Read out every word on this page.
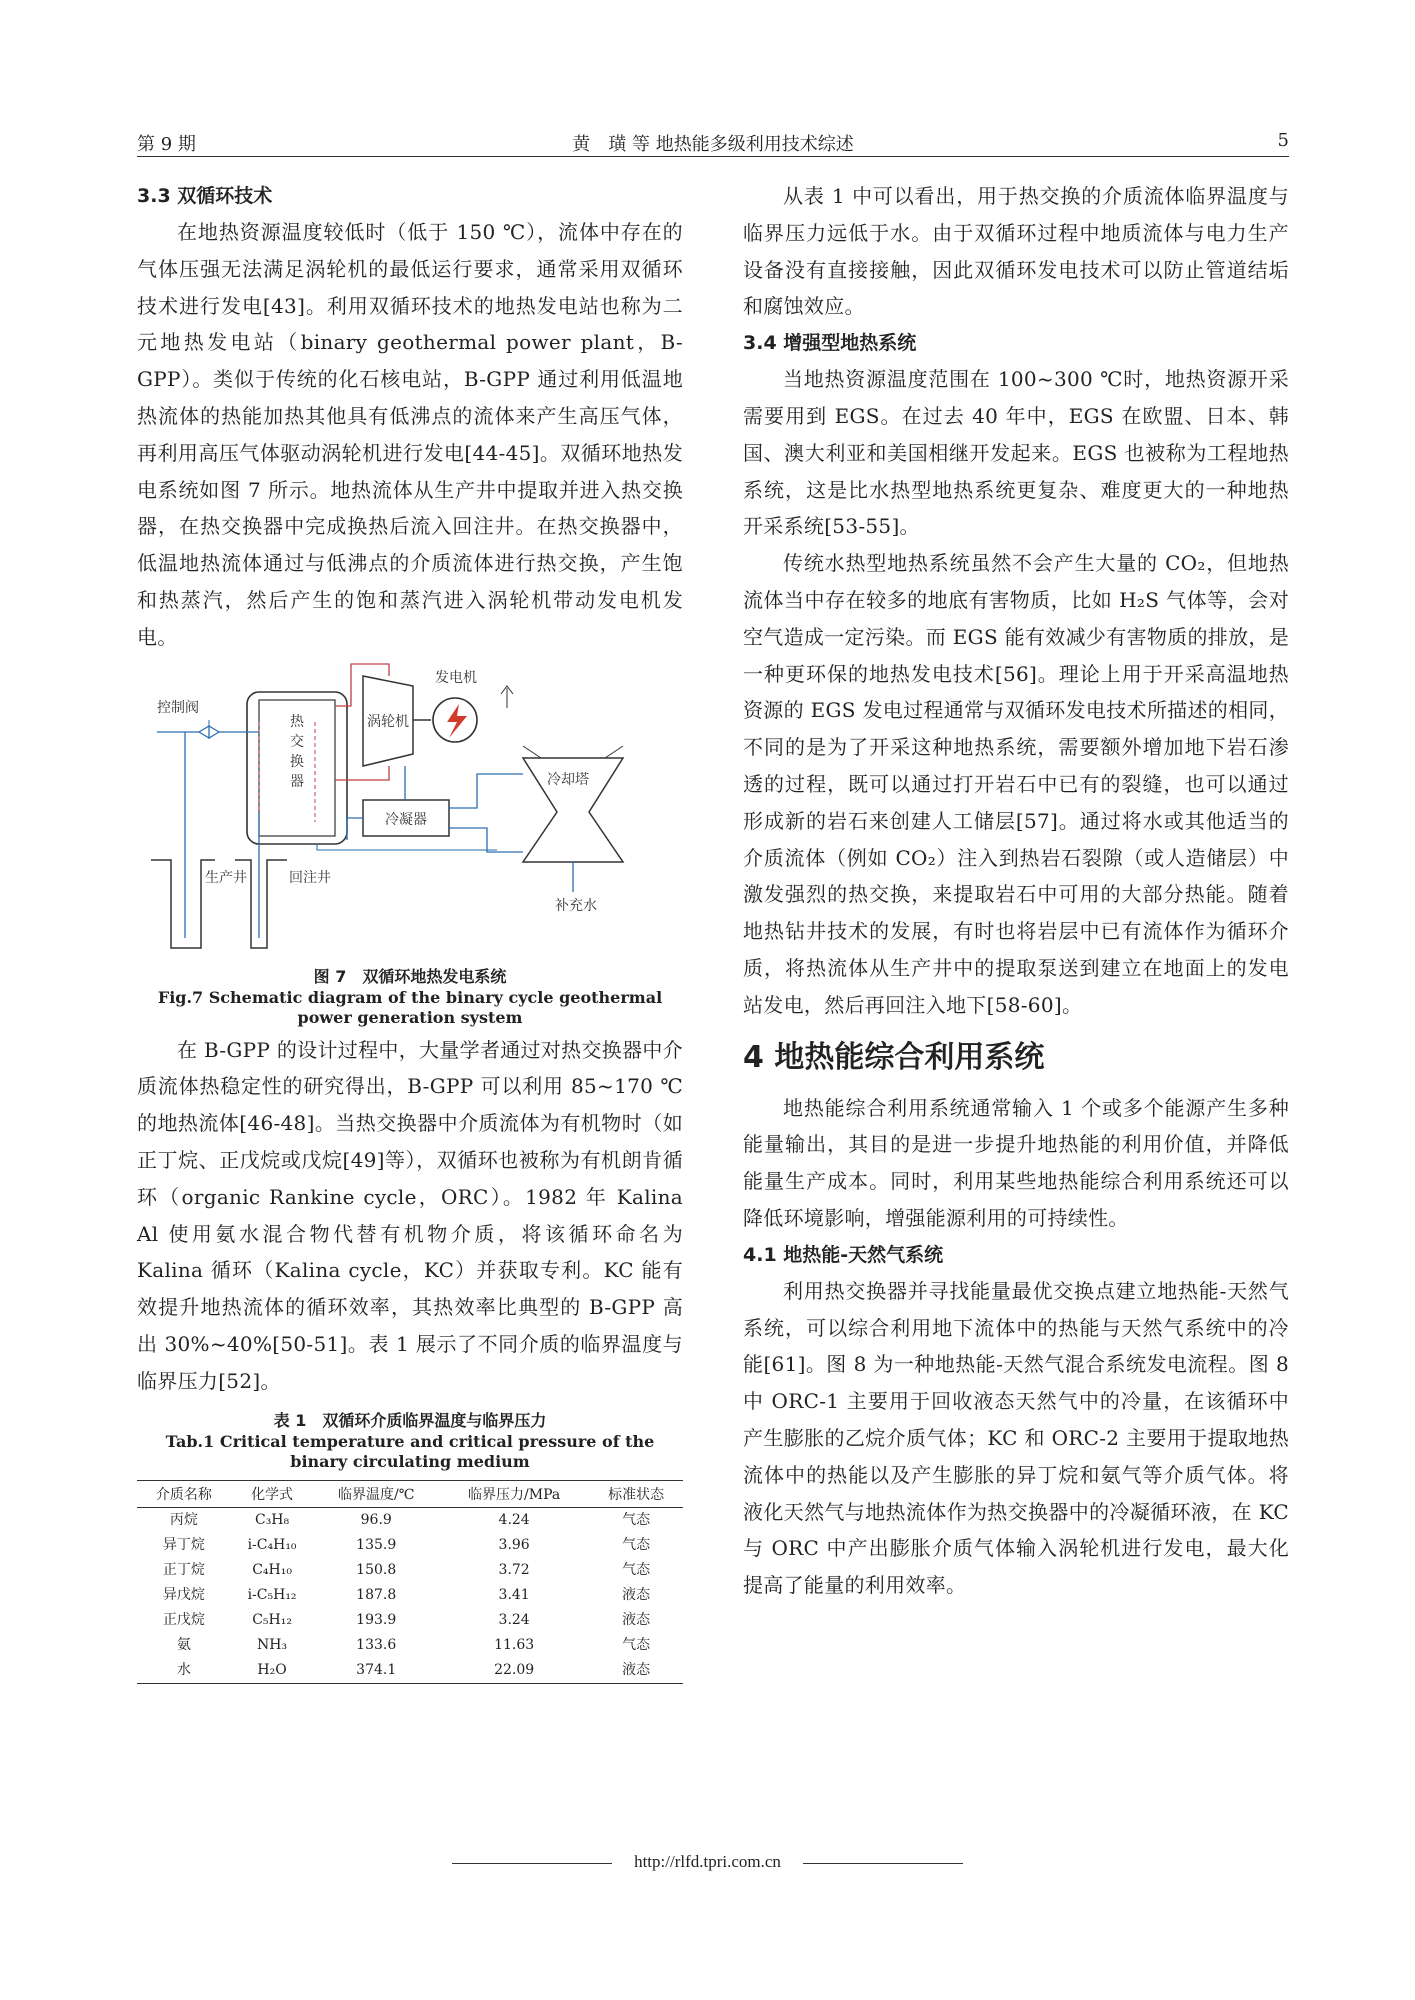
第 9 期	黄　璜 等 地热能多级利用技术综述	5

3.3 双循环技术

在地热资源温度较低时（低于 150 ℃），流体中存在的气体压强无法满足涡轮机的最低运行要求，通常采用双循环技术进行发电[43]。利用双循环技术的地热发电站也称为二元地热发电站（binary geothermal power plant，B-GPP）。类似于传统的化石核电站，B-GPP 通过利用低温地热流体的热能加热其他具有低沸点的流体来产生高压气体，再利用高压气体驱动涡轮机进行发电[44-45]。双循环地热发电系统如图 7 所示。地热流体从生产井中提取并进入热交换器，在热交换器中完成换热后流入回注井。在热交换器中，低温地热流体通过与低沸点的介质流体进行热交换，产生饱和热蒸汽，然后产生的饱和蒸汽进入涡轮机带动发电机发电。

热
交
换
器
控制阀
涡轮机
发电机
冷凝器
冷却塔
生产井	回注井
补充水

图 7　双循环地热发电系统

Fig.7 Schematic diagram of the binary cycle geothermal power generation system

在 B-GPP 的设计过程中，大量学者通过对热交换器中介质流体热稳定性的研究得出，B-GPP 可以利用 85~170 ℃的地热流体[46-48]。当热交换器中介质流体为有机物时（如正丁烷、正戊烷或戊烷[49]等），双循环也被称为有机朗肯循环（organic Rankine cycle，ORC）。1982 年 Kalina Al 使用氨水混合物代替有机物介质，将该循环命名为 Kalina 循环（Kalina cycle，KC）并获取专利。KC 能有效提升地热流体的循环效率，其热效率比典型的 B-GPP 高出 30%~40%[50-51]。表 1 展示了不同介质的临界温度与临界压力[52]。

表 1　双循环介质临界温度与临界压力

Tab.1 Critical temperature and critical pressure of the binary circulating medium

介质名称	化学式	临界温度/℃	临界压力/MPa	标准状态
丙烷	C₃H₈	96.9	4.24	气态
异丁烷	i-C₄H₁₀	135.9	3.96	气态
正丁烷	C₄H₁₀	150.8	3.72	气态
异戊烷	i-C₅H₁₂	187.8	3.41	液态
正戊烷	C₅H₁₂	193.9	3.24	液态
氨	NH₃	133.6	11.63	气态
水	H₂O	374.1	22.09	液态

从表 1 中可以看出，用于热交换的介质流体临界温度与临界压力远低于水。由于双循环过程中地质流体与电力生产设备没有直接接触，因此双循环发电技术可以防止管道结垢和腐蚀效应。

3.4 增强型地热系统

当地热资源温度范围在 100~300 ℃时，地热资源开采需要用到 EGS。在过去 40 年中，EGS 在欧盟、日本、韩国、澳大利亚和美国相继开发起来。EGS 也被称为工程地热系统，这是比水热型地热系统更复杂、难度更大的一种地热开采系统[53-55]。

传统水热型地热系统虽然不会产生大量的 CO₂，但地热流体当中存在较多的地底有害物质，比如 H₂S 气体等，会对空气造成一定污染。而 EGS 能有效减少有害物质的排放，是一种更环保的地热发电技术[56]。理论上用于开采高温地热资源的 EGS 发电过程通常与双循环发电技术所描述的相同，不同的是为了开采这种地热系统，需要额外增加地下岩石渗透的过程，既可以通过打开岩石中已有的裂缝，也可以通过形成新的岩石来创建人工储层[57]。通过将水或其他适当的介质流体（例如 CO₂）注入到热岩石裂隙（或人造储层）中激发强烈的热交换，来提取岩石中可用的大部分热能。随着地热钻井技术的发展，有时也将岩层中已有流体作为循环介质，将热流体从生产井中的提取泵送到建立在地面上的发电站发电，然后再回注入地下[58-60]。

4 地热能综合利用系统

地热能综合利用系统通常输入 1 个或多个能源产生多种能量输出，其目的是进一步提升地热能的利用价值，并降低能量生产成本。同时，利用某些地热能综合利用系统还可以降低环境影响，增强能源利用的可持续性。

4.1 地热能-天然气系统

利用热交换器并寻找能量最优交换点建立地热能-天然气系统，可以综合利用地下流体中的热能与天然气系统中的冷能[61]。图 8 为一种地热能-天然气混合系统发电流程。图 8 中 ORC-1 主要用于回收液态天然气中的冷量，在该循环中产生膨胀的乙烷介质气体；KC 和 ORC-2 主要用于提取地热流体中的热能以及产生膨胀的异丁烷和氨气等介质气体。将液化天然气与地热流体作为热交换器中的冷凝循环液，在 KC 与 ORC 中产出膨胀介质气体输入涡轮机进行发电，最大化提高了能量的利用效率。

http://rlfd.tpri.com.cn
